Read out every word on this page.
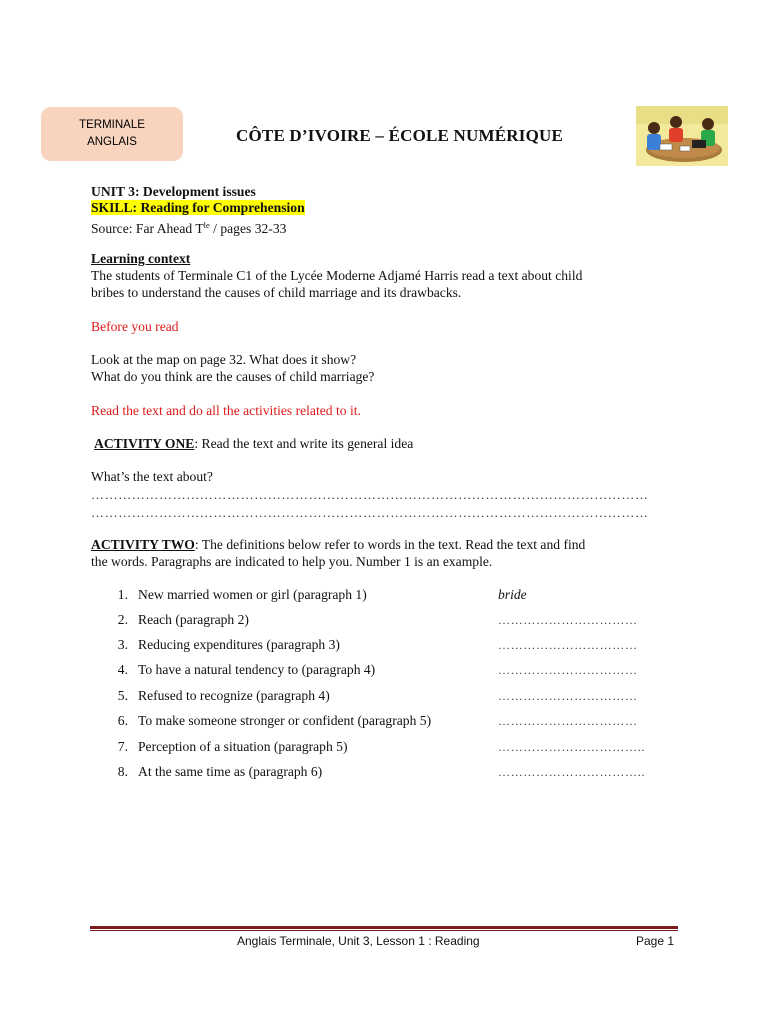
TERMINALE
ANGLAIS	CÔTE D’IVOIRE – ÉCOLE NUMÉRIQUE
UNIT 3: Development issues
SKILL: Reading for Comprehension
Source: Far Ahead $T^{le}$ / pages 32-33
Learning context
The students of Terminale C1 of the Lycée Moderne Adjamé Harris read a text about child
bribes to understand the causes of child marriage and its drawbacks.
Before you read
Look at the map on page 32. What does it show?
What do you think are the causes of child marriage?
Read the text and do all the activities related to it.
ACTIVITY ONE: Read the text and write its general idea
What’s the text about?
……………………………………………………………………………………………………………
……………………………………………………………………………………………………………
ACTIVITY TWO: The definitions below refer to words in the text. Read the text and find
the words. Paragraphs are indicated to help you. Number 1 is an example.
1. New married women or girl (paragraph 1)	bride
2. Reach (paragraph 2)	……………………………
3. Reducing expenditures (paragraph 3)	……………………………
4. To have a natural tendency to (paragraph 4)	……………………………
5. Refused to recognize (paragraph 4)	……………………………
6. To make someone stronger or confident (paragraph 5)	……………………………
7. Perception of a situation (paragraph 5)	……………………………..
8. At the same time as (paragraph 6)	……………………………..
Anglais Terminale, Unit 3, Lesson 1 : Reading	Page 1
